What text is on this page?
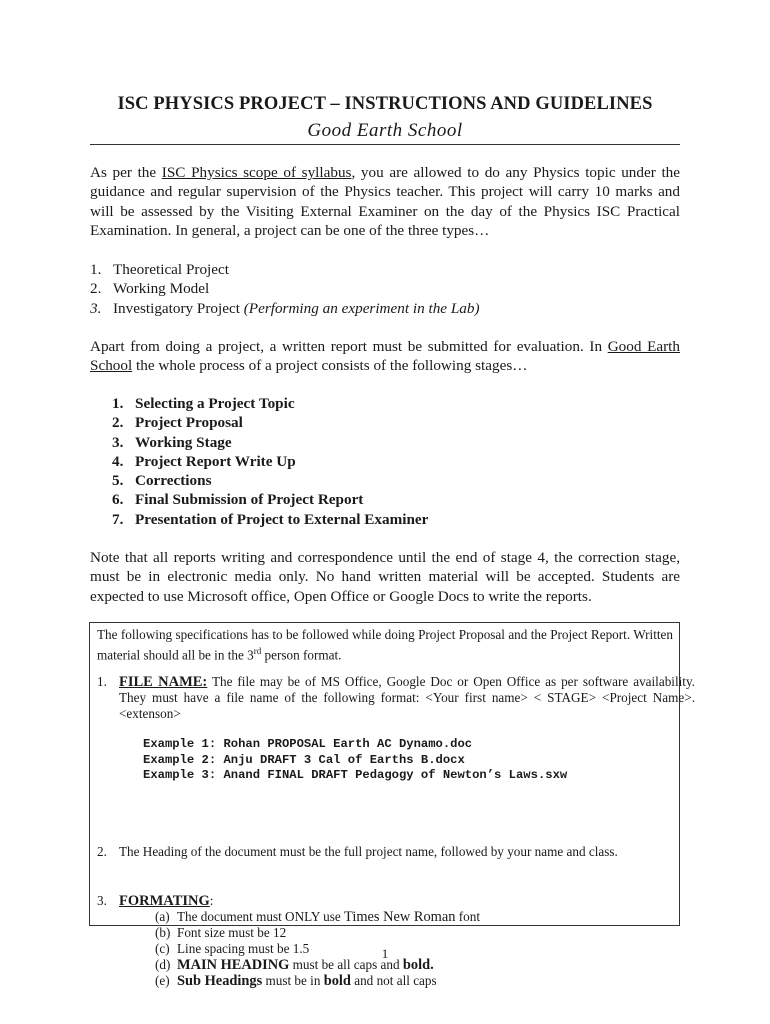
ISC PHYSICS PROJECT – INSTRUCTIONS AND GUIDELINES
Good Earth School
As per the ISC Physics scope of syllabus, you are allowed to do any Physics topic under the guidance and regular supervision of the Physics teacher. This project will carry 10 marks and will be assessed by the Visiting External Examiner on the day of the Physics ISC Practical Examination. In general, a project can be one of the three types…
1. Theoretical Project
2. Working Model
3. Investigatory Project (Performing an experiment in the Lab)
Apart from doing a project, a written report must be submitted for evaluation. In Good Earth School the whole process of a project consists of the following stages…
1. Selecting a Project Topic
2. Project Proposal
3. Working Stage
4. Project Report Write Up
5. Corrections
6. Final Submission of Project Report
7. Presentation of Project to External Examiner
Note that all reports writing and correspondence until the end of stage 4, the correction stage, must be in electronic media only. No hand written material will be accepted. Students are expected to use Microsoft office, Open Office or Google Docs to write the reports.
The following specifications has to be followed while doing Project Proposal and the Project Report. Written material should all be in the 3rd person format.
1. FILE NAME: The file may be of MS Office, Google Doc or Open Office as per software availability. They must have a file name of the following format: <Your first name> < STAGE> <Project Name>.<extenson>
Example 1: Rohan PROPOSAL Earth AC Dynamo.doc
Example 2: Anju DRAFT 3 Cal of Earths B.docx
Example 3: Anand FINAL DRAFT Pedagogy of Newton’s Laws.sxw
2. The Heading of the document must be the full project name, followed by your name and class.
3. FORMATING:
(a) The document must ONLY use Times New Roman font
(b) Font size must be 12
(c) Line spacing must be 1.5
(d) MAIN HEADING must be all caps and bold.
(e) Sub Headings must be in bold and not all caps
1
